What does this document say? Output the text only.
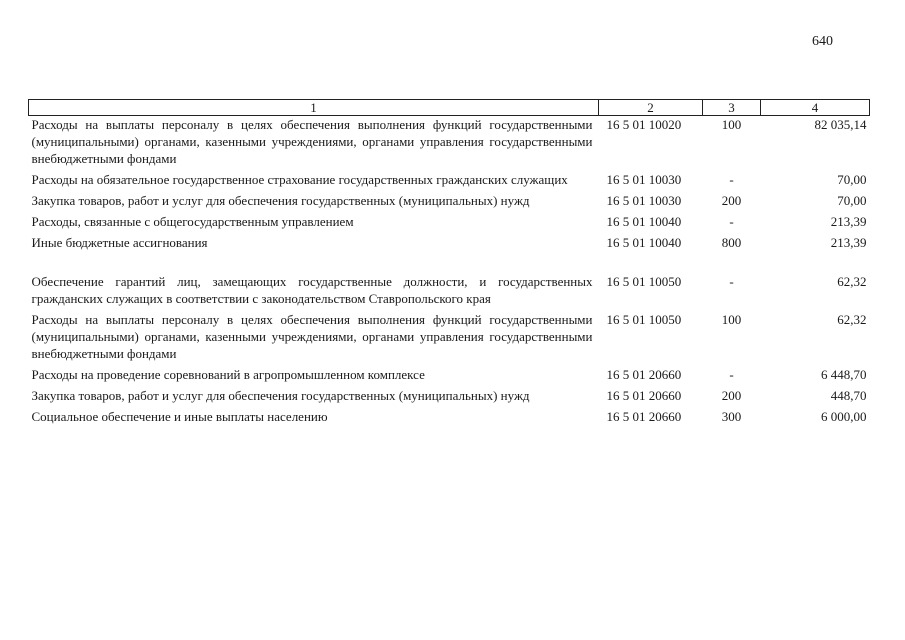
640
1	2	3	4
Расходы на выплаты персоналу в целях обеспечения выполнения функций государственными (муниципальными) органами, казенными учреждениями, органами управления государственными внебюджетными фондами	16 5 01 10020	100	82 035,14
Расходы на обязательное государственное страхование государственных гражданских служащих	16 5 01 10030	-	70,00
Закупка товаров, работ и услуг для обеспечения государственных (муниципальных) нужд	16 5 01 10030	200	70,00
Расходы, связанные с общегосударственным управлением	16 5 01 10040	-	213,39
Иные бюджетные ассигнования	16 5 01 10040	800	213,39
Обеспечение гарантий лиц, замещающих государственные должности, и государственных гражданских служащих в соответствии с законодательством Ставропольского края	16 5 01 10050	-	62,32
Расходы на выплаты персоналу в целях обеспечения выполнения функций государственными (муниципальными) органами, казенными учреждениями, органами управления государственными внебюджетными фондами	16 5 01 10050	100	62,32
Расходы на проведение соревнований в агропромышленном комплексе	16 5 01 20660	-	6 448,70
Закупка товаров, работ и услуг для обеспечения государственных (муниципальных) нужд	16 5 01 20660	200	448,70
Социальное обеспечение и иные выплаты населению	16 5 01 20660	300	6 000,00
